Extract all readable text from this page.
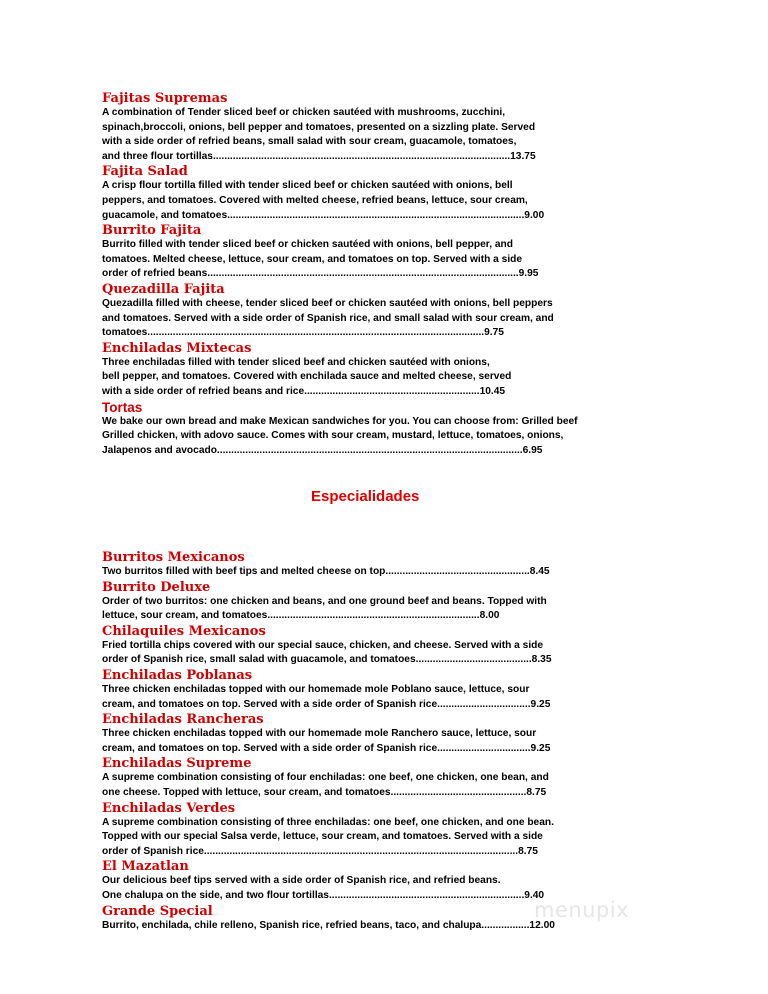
Fajitas Supremas
A combination of Tender sliced beef or chicken sautéed with mushrooms, zucchini,
spinach,broccoli, onions, bell pepper and tomatoes, presented on a sizzling plate. Served
with a side order of refried beans, small salad with sour cream, guacamole, tomatoes,
and three flour tortillas.........................................................................................................13.75
Fajita Salad
A crisp flour tortilla filled with tender sliced beef or chicken sautéed with onions, bell
peppers, and tomatoes. Covered with melted cheese, refried beans, lettuce, sour cream,
guacamole, and tomatoes.........................................................................................................9.00
Burrito Fajita
Burrito filled with tender sliced beef or chicken sautéed with onions, bell pepper, and
tomatoes. Melted cheese, lettuce, sour cream, and tomatoes on top. Served with a side
order of refried beans..............................................................................................................9.95
Quezadilla Fajita
Quezadilla filled with cheese, tender sliced beef or chicken sautéed with onions, bell peppers
and tomatoes. Served with a side order of Spanish rice, and small salad with sour cream, and
tomatoes.......................................................................................................................9.75
Enchiladas Mixtecas
Three enchiladas filled with tender sliced beef and chicken sautéed with onions,
bell pepper, and tomatoes. Covered with enchilada sauce and melted cheese, served
with a side order of refried beans and rice..............................................................10.45
Tortas
We bake our own bread and make Mexican sandwiches for you. You can choose from: Grilled beef
Grilled chicken, with adovo sauce. Comes with sour cream, mustard, lettuce, tomatoes, onions,
Jalapenos and avocado............................................................................................................6.95
Especialidades
Burritos Mexicanos
Two burritos filled with beef tips and melted cheese on top...................................................8.45
Burrito Deluxe
Order of two burritos: one chicken and beans, and one ground beef and beans. Topped with
lettuce, sour cream, and tomatoes...........................................................................8.00
Chilaquiles Mexicanos
Fried tortilla chips covered with our special sauce, chicken, and cheese. Served with a side
order of Spanish rice, small salad with guacamole, and tomatoes.........................................8.35
Enchiladas Poblanas
Three chicken enchiladas topped with our homemade mole Poblano sauce, lettuce, sour
cream, and tomatoes on top. Served with a side order of Spanish rice.................................9.25
Enchiladas Rancheras
Three chicken enchiladas topped with our homemade mole Ranchero sauce, lettuce, sour
cream, and tomatoes on top. Served with a side order of Spanish rice.................................9.25
Enchiladas Supreme
A supreme combination consisting of four enchiladas: one beef, one chicken, one bean, and
one cheese. Topped with lettuce, sour cream, and tomatoes................................................8.75
Enchiladas Verdes
A supreme combination consisting of three enchiladas: one beef, one chicken, and one bean.
Topped with our special Salsa verde, lettuce, sour cream, and tomatoes. Served with a side
order of Spanish rice...............................................................................................................8.75
El Mazatlan
Our delicious beef tips served with a side order of Spanish rice, and refried beans.
One chalupa on the side, and two flour tortillas.....................................................................9.40
Grande Special
Burrito, enchilada, chile relleno, Spanish rice, refried beans, taco, and chalupa.................12.00
menupix
